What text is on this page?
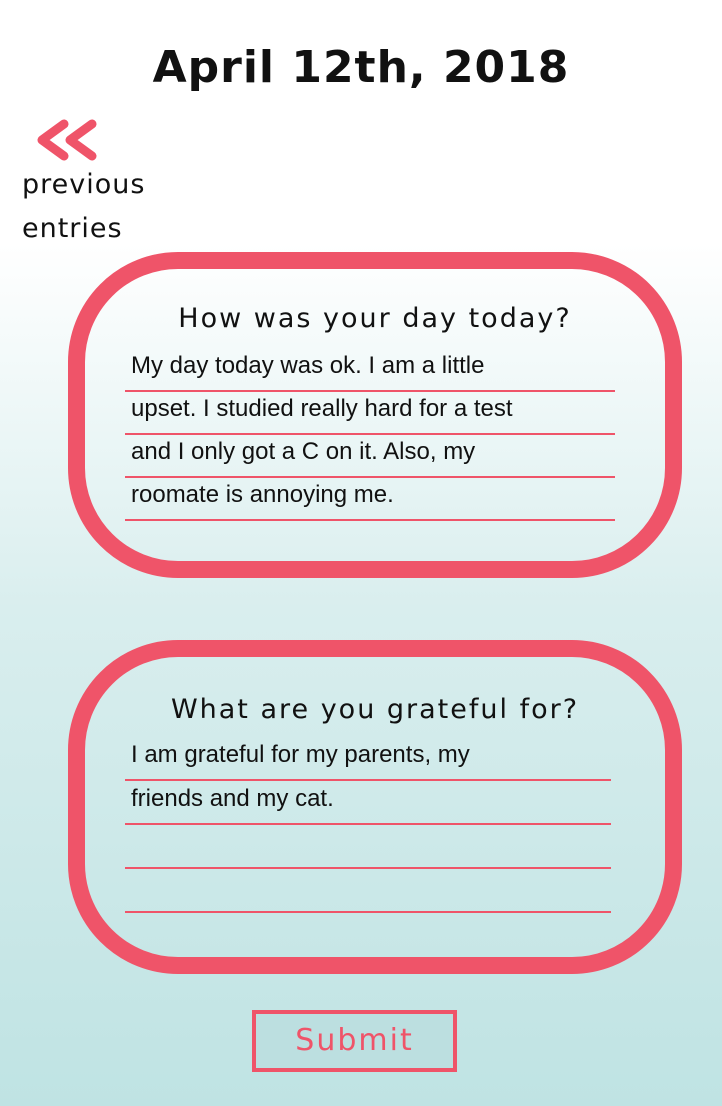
April 12th, 2018
previous
entries
How was your day today?
My day today was ok. I am a little
upset. I studied really hard for a test
and I only got a C on it. Also, my
roomate is annoying me.
What are you grateful for?
I am grateful for my parents, my
friends and my cat.
Submit
